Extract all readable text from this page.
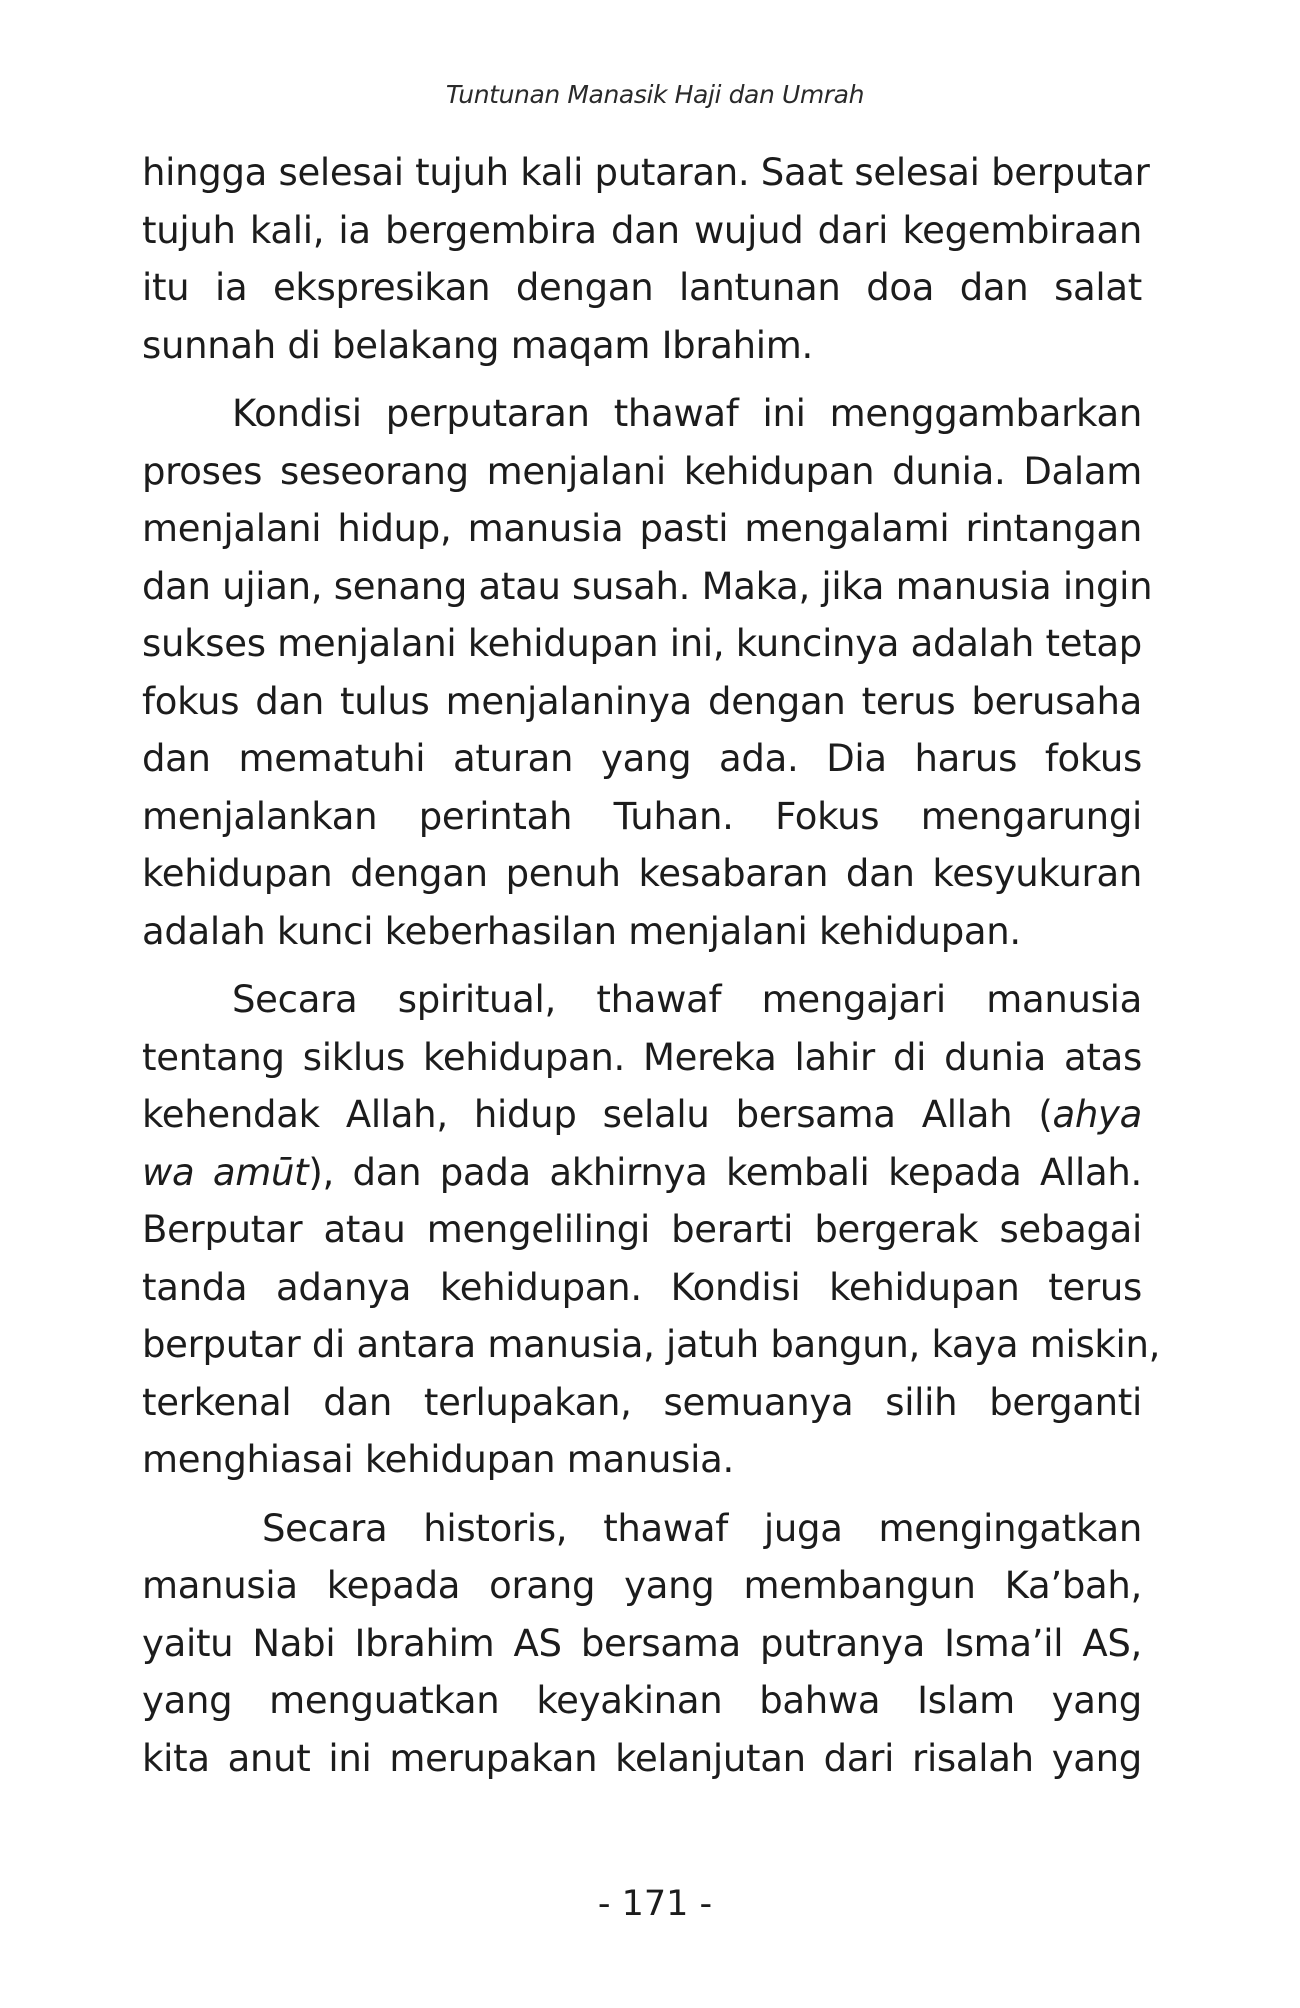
Tuntunan Manasik Haji dan Umrah

hingga selesai tujuh kali putaran. Saat selesai berputar
tujuh kali, ia bergembira dan wujud dari kegembiraan
itu ia ekspresikan dengan lantunan doa dan salat
sunnah di belakang maqam Ibrahim.

Kondisi perputaran thawaf ini menggambarkan
proses seseorang menjalani kehidupan dunia. Dalam
menjalani hidup, manusia pasti mengalami rintangan
dan ujian, senang atau susah. Maka, jika manusia ingin
sukses menjalani kehidupan ini, kuncinya adalah tetap
fokus dan tulus menjalaninya dengan terus berusaha
dan mematuhi aturan yang ada. Dia harus fokus
menjalankan perintah Tuhan. Fokus mengarungi
kehidupan dengan penuh kesabaran dan kesyukuran
adalah kunci keberhasilan menjalani kehidupan.

Secara spiritual, thawaf mengajari manusia
tentang siklus kehidupan. Mereka lahir di dunia atas
kehendak Allah, hidup selalu bersama Allah (ahya
wa amūt), dan pada akhirnya kembali kepada Allah.
Berputar atau mengelilingi berarti bergerak sebagai
tanda adanya kehidupan. Kondisi kehidupan terus
berputar di antara manusia, jatuh bangun, kaya miskin,
terkenal dan terlupakan, semuanya silih berganti
menghiasai kehidupan manusia.

Secara historis, thawaf juga mengingatkan
manusia kepada orang yang membangun Ka’bah,
yaitu Nabi Ibrahim AS bersama putranya Isma’il AS,
yang menguatkan keyakinan bahwa Islam yang
kita anut ini merupakan kelanjutan dari risalah yang

- 171 -
